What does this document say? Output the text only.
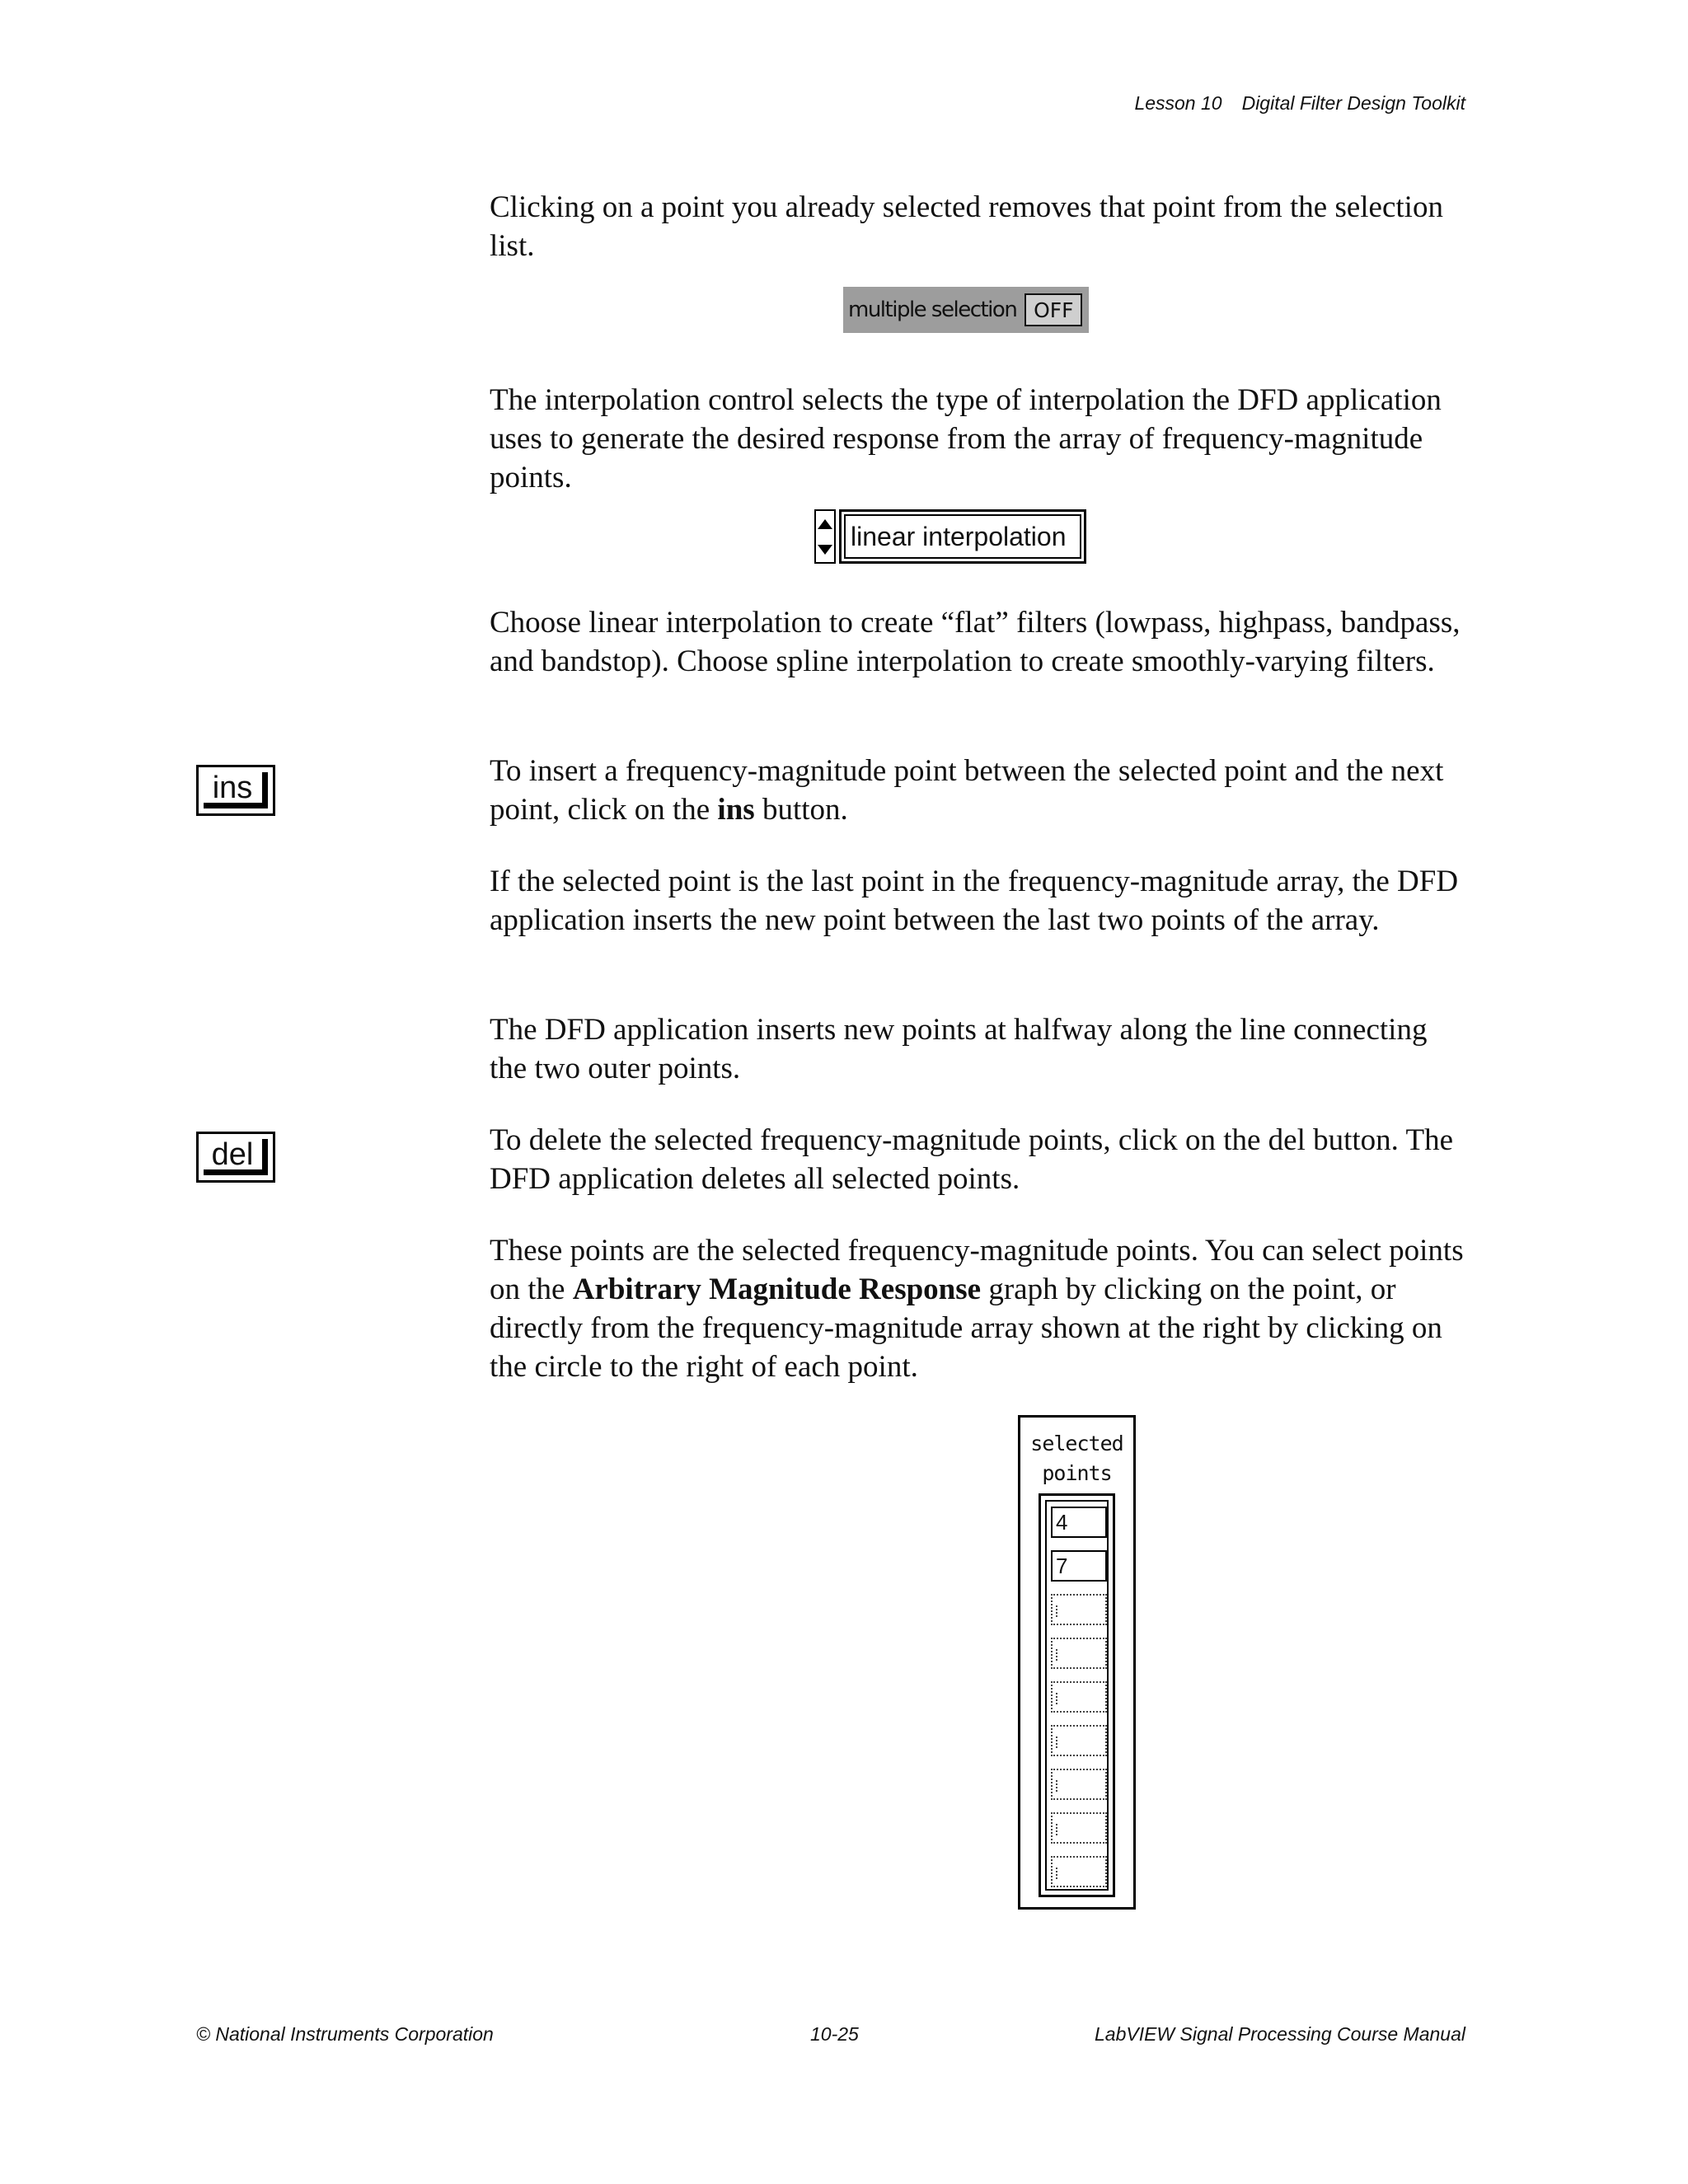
Lesson 10 Digital Filter Design Toolkit

Clicking on a point you already selected removes that point from the selection list.

multiple selection OFF

The interpolation control selects the type of interpolation the DFD application uses to generate the desired response from the array of frequency-magnitude points.

linear interpolation

Choose linear interpolation to create “flat” filters (lowpass, highpass, bandpass, and bandstop). Choose spline interpolation to create smoothly-varying filters.

ins	To insert a frequency-magnitude point between the selected point and the next point, click on the ins button.

If the selected point is the last point in the frequency-magnitude array, the DFD application inserts the new point between the last two points of the array.

The DFD application inserts new points at halfway along the line connecting the two outer points.

del	To delete the selected frequency-magnitude points, click on the del button. The DFD application deletes all selected points.

These points are the selected frequency-magnitude points. You can select points on the Arbitrary Magnitude Response graph by clicking on the point, or directly from the frequency-magnitude array shown at the right by clicking on the circle to the right of each point.

selected
points
4
7
© National Instruments Corporation	10-25	LabVIEW Signal Processing Course Manual
